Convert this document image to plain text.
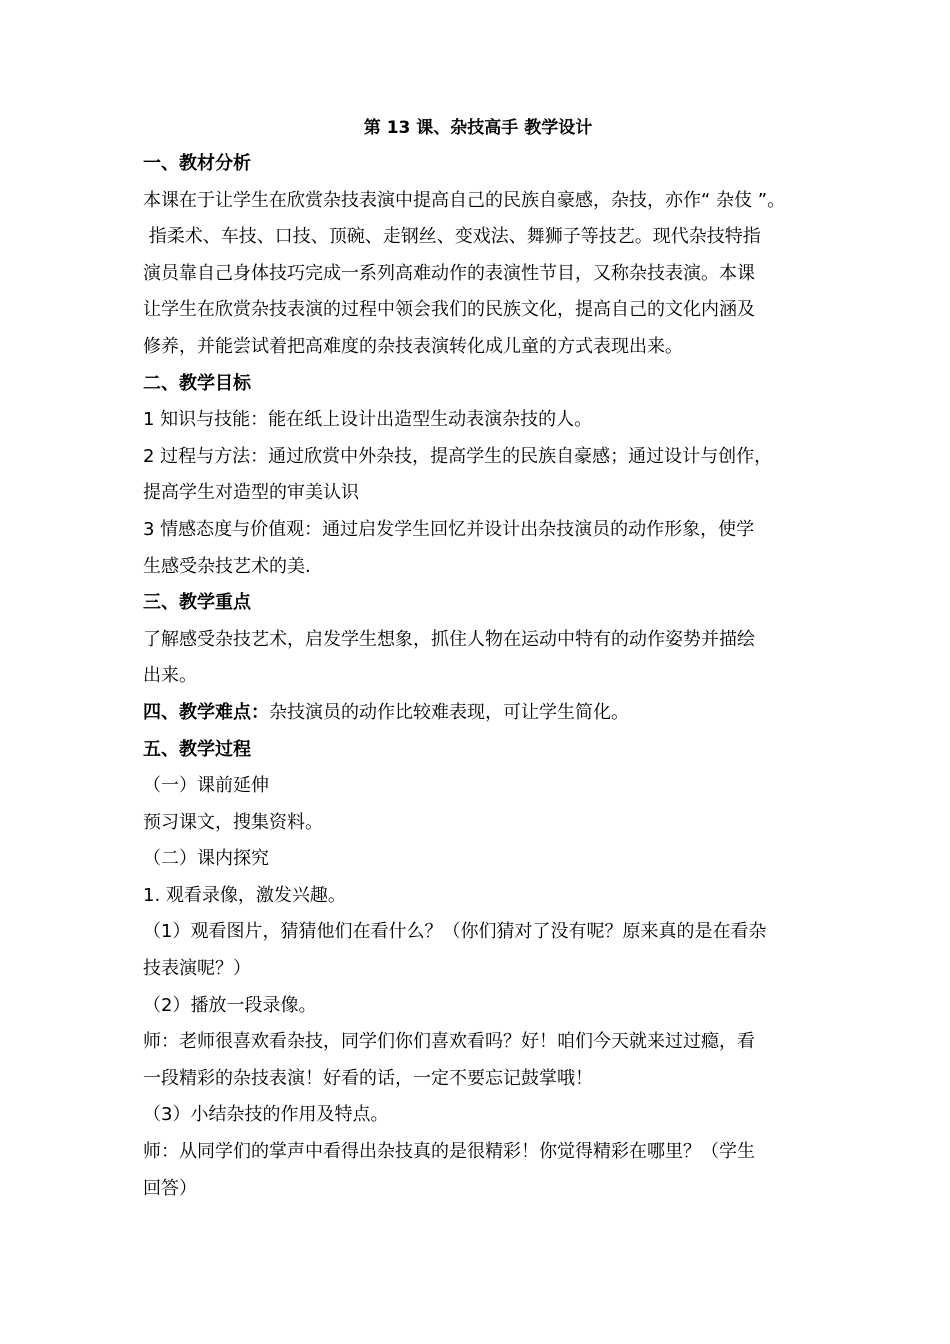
第 13 课、杂技高手 教学设计

一、教材分析

本课在于让学生在欣赏杂技表演中提高自己的民族自豪感，杂技，亦作“ 杂伎 ”。

指柔术、车技、口技、顶碗、走钢丝、变戏法、舞狮子等技艺。现代杂技特指

演员靠自己身体技巧完成一系列高难动作的表演性节目，又称杂技表演。本课

让学生在欣赏杂技表演的过程中领会我们的民族文化，提高自己的文化内涵及

修养，并能尝试着把高难度的杂技表演转化成儿童的方式表现出来。

二、教学目标

1 知识与技能：能在纸上设计出造型生动表演杂技的人。

2 过程与方法：通过欣赏中外杂技，提高学生的民族自豪感；通过设计与创作，

提高学生对造型的审美认识

3 情感态度与价值观：通过启发学生回忆并设计出杂技演员的动作形象，使学

生感受杂技艺术的美.

三、教学重点

了解感受杂技艺术，启发学生想象，抓住人物在运动中特有的动作姿势并描绘

出来。

四、教学难点：杂技演员的动作比较难表现，可让学生简化。

五、教学过程

（一）课前延伸

预习课文，搜集资料。

（二）课内探究

1. 观看录像，激发兴趣。

（1）观看图片，猜猜他们在看什么？（你们猜对了没有呢？原来真的是在看杂

技表演呢？）

（2）播放一段录像。

师：老师很喜欢看杂技，同学们你们喜欢看吗？好！咱们今天就来过过瘾，看

一段精彩的杂技表演！好看的话，一定不要忘记鼓掌哦！

（3）小结杂技的作用及特点。

师：从同学们的掌声中看得出杂技真的是很精彩！你觉得精彩在哪里？（学生

回答）
